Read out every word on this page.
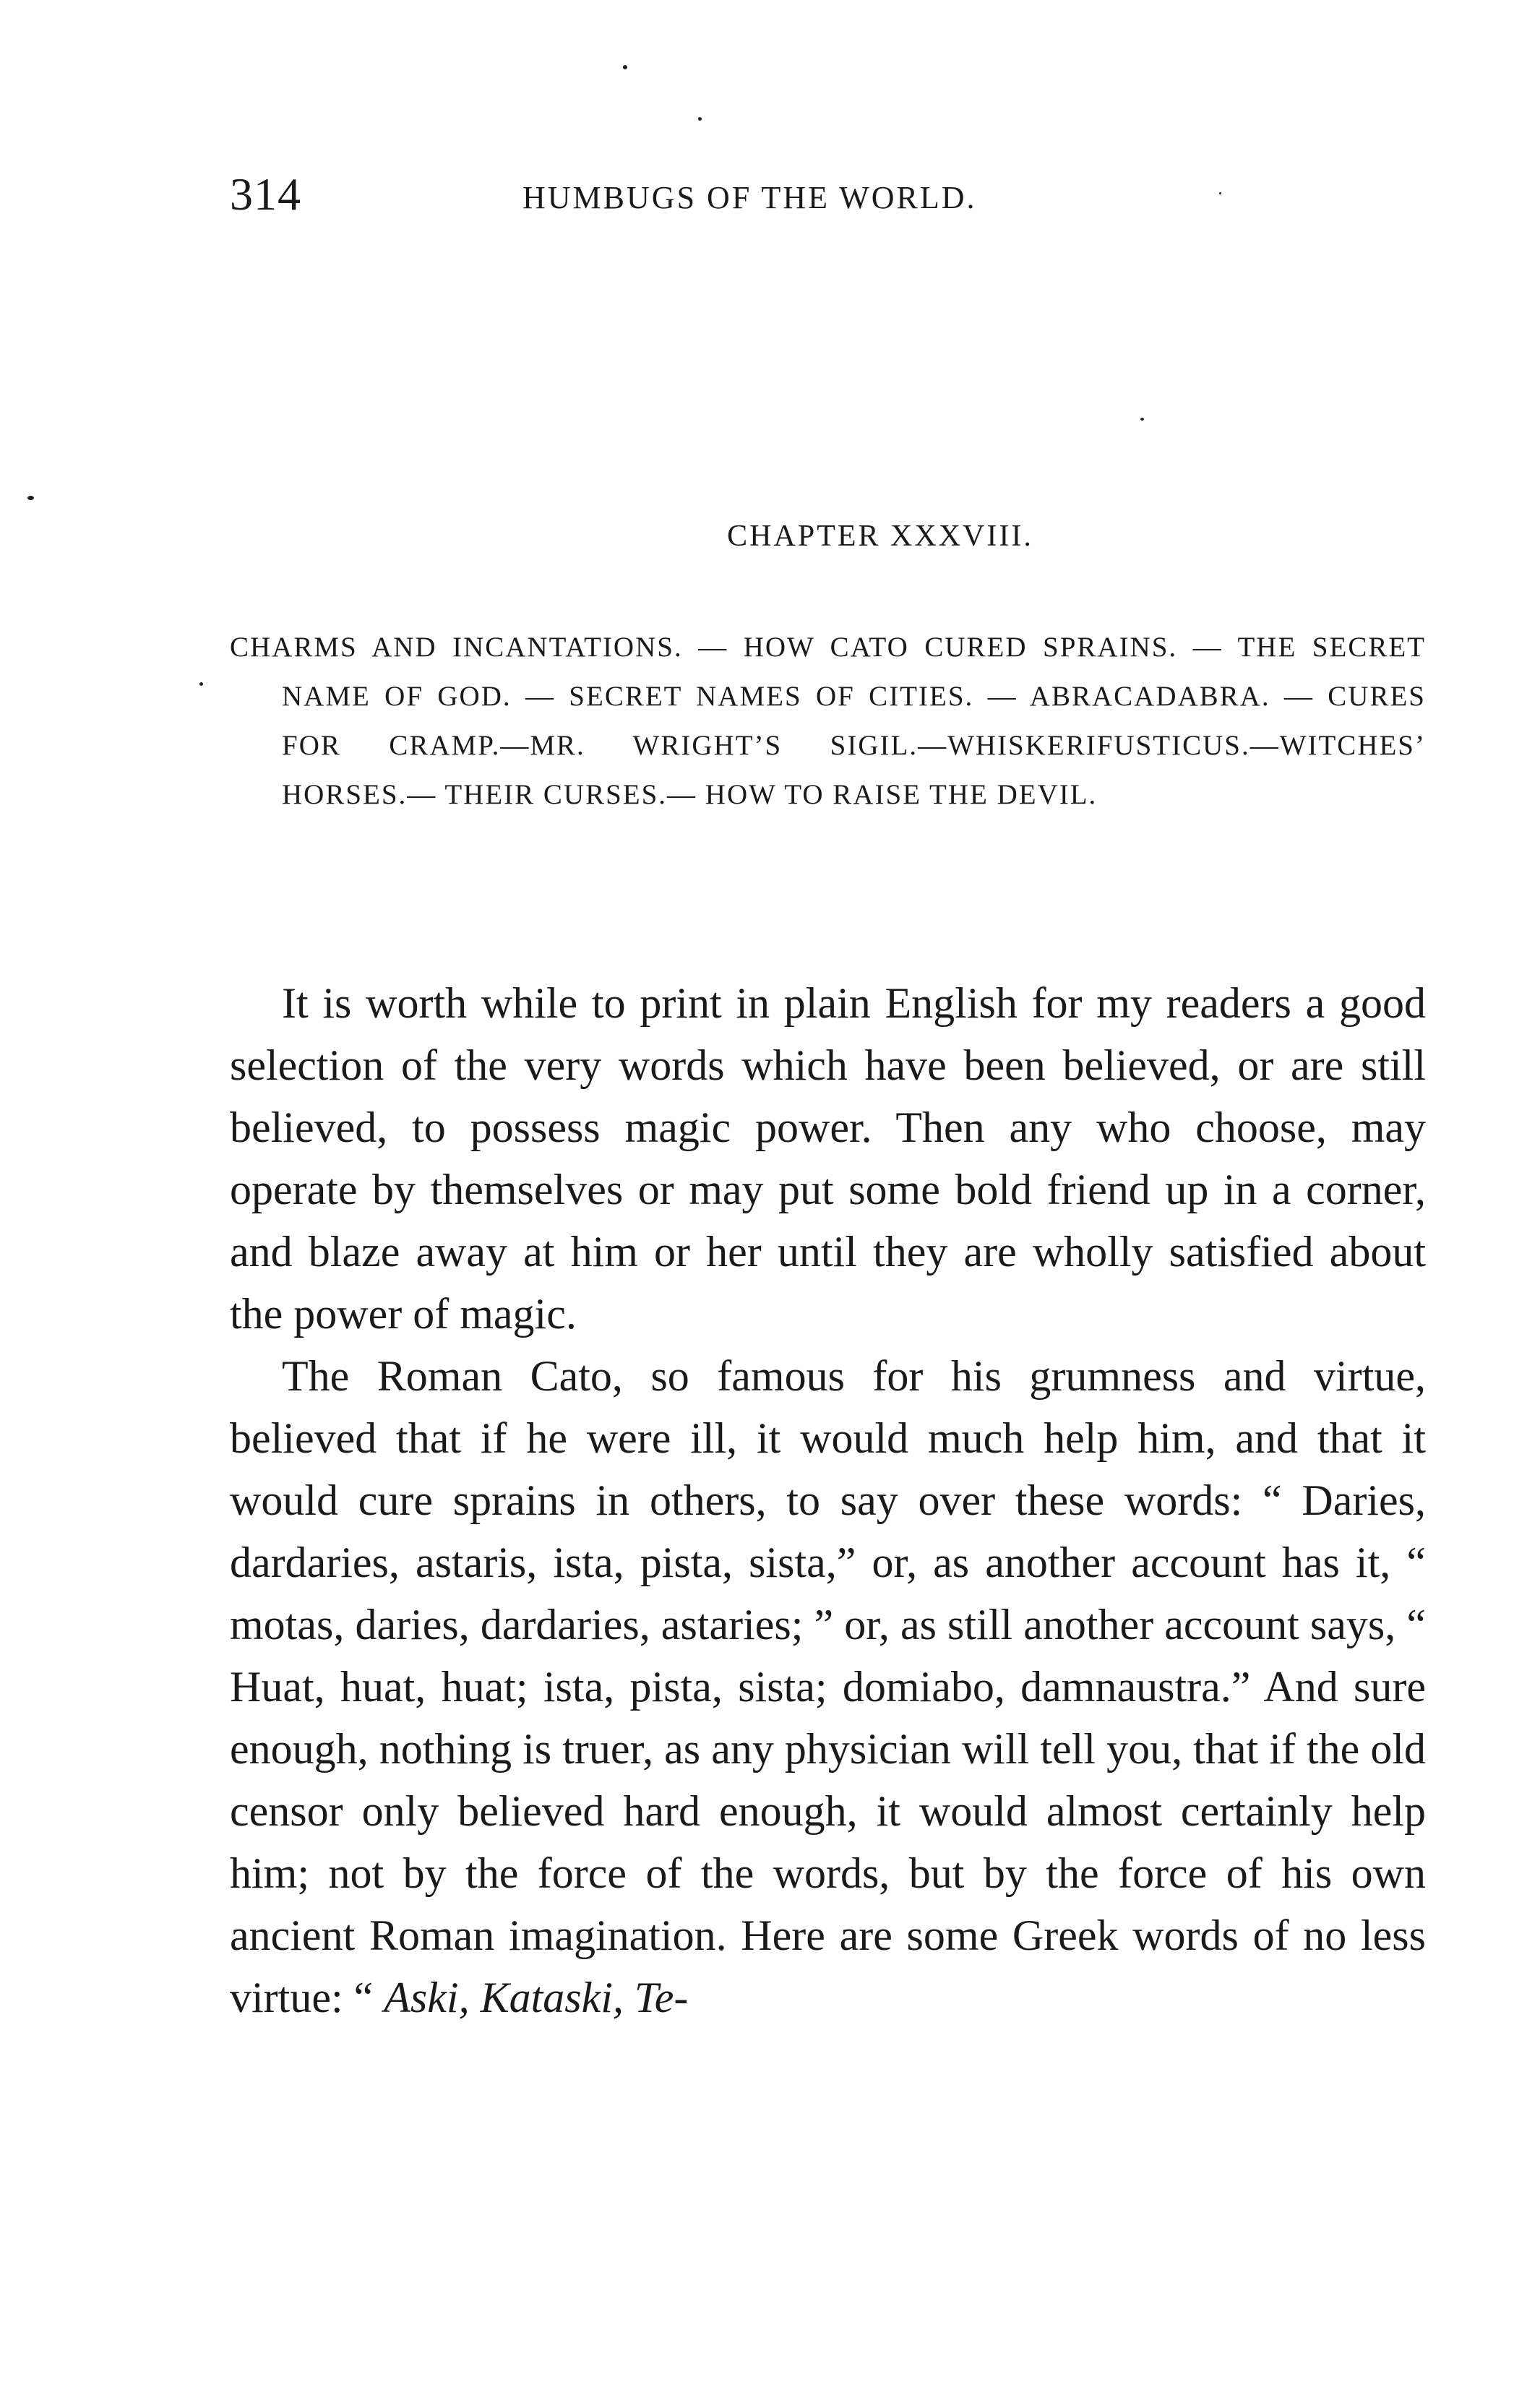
314	HUMBUGS OF THE WORLD.
CHAPTER XXXVIII.

CHARMS AND INCANTATIONS. — HOW CATO CURED SPRAINS. — THE SECRET NAME OF GOD. — SECRET NAMES OF CITIES. — ABRACADABRA. — CURES FOR CRAMP.—MR. WRIGHT’S SIGIL.—WHISKERIFUSTICUS.—WITCHES’ HORSES.— THEIR CURSES.— HOW TO RAISE THE DEVIL.

It is worth while to print in plain English for my readers a good selection of the very words which have been believed, or are still believed, to possess magic power. Then any who choose, may operate by themselves or may put some bold friend up in a corner, and blaze away at him or her until they are wholly satisfied about the power of magic.

The Roman Cato, so famous for his grumness and virtue, believed that if he were ill, it would much help him, and that it would cure sprains in others, to say over these words: “ Daries, dardaries, astaris, ista, pista, sista,” or, as another account has it, “ motas, daries, dardaries, astaries; ” or, as still another account says, “ Huat, huat, huat; ista, pista, sista; domiabo, damnaustra.” And sure enough, nothing is truer, as any physician will tell you, that if the old censor only believed hard enough, it would almost certainly help him; not by the force of the words, but by the force of his own ancient Roman imagination. Here are some Greek words of no less virtue: “ Aski, Kataski, Te-
